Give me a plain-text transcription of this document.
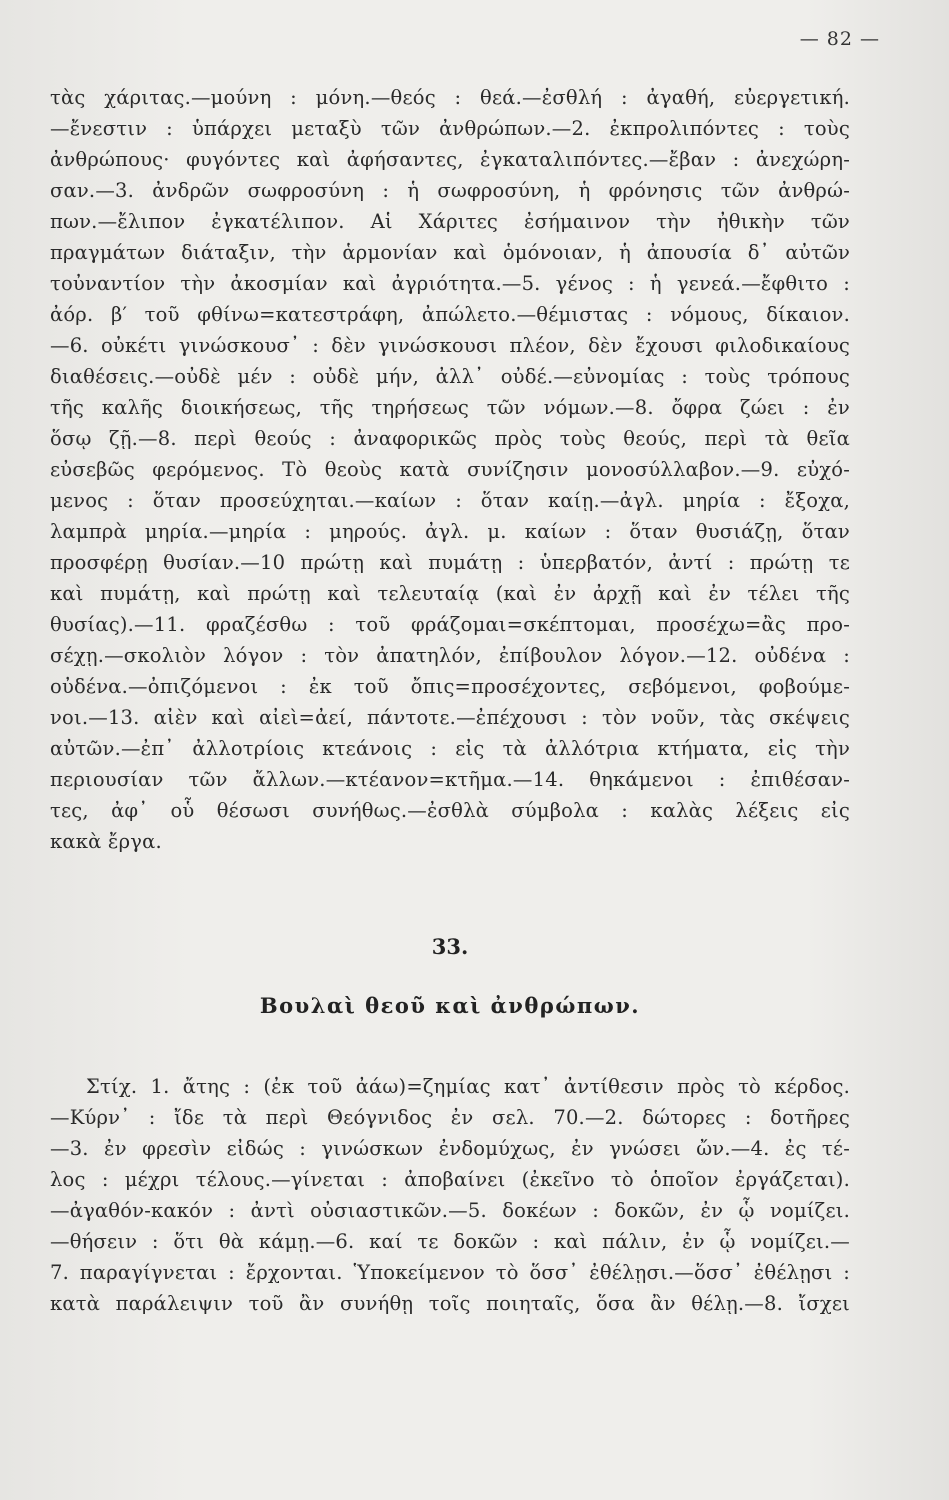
— 82 —
τὰς χάριτας.—μούνη : μόνη.—θεός : θεά.—ἐσθλή : ἀγαθή, εὐεργετική.
—ἔνεστιν : ὑπάρχει μεταξὺ τῶν ἀνθρώπων.—2. ἐκπρολιπόντες : τοὺς
ἀνθρώπους· φυγόντες καὶ ἀφήσαντες, ἐγκαταλιπόντες.—ἔβαν : ἀνεχώρη-
σαν.—3. ἀνδρῶν σωφροσύνη : ἡ σωφροσύνη, ἡ φρόνησις τῶν ἀνθρώ-
πων.—ἔλιπον ἐγκατέλιπον. Αἱ Χάριτες ἐσήμαινον τὴν ἠθικὴν τῶν
πραγμάτων διάταξιν, τὴν ἁρμονίαν καὶ ὁμόνοιαν, ἡ ἀπουσία δ᾽ αὐτῶν
τοὐναντίον τὴν ἀκοσμίαν καὶ ἀγριότητα.—5. γένος : ἡ γενεά.—ἔφθιτο :
ἀόρ. β′ τοῦ φθίνω=κατεστράφη, ἀπώλετο.—θέμιστας : νόμους, δίκαιον.
—6. οὐκέτι γινώσκουσ᾽ : δὲν γινώσκουσι πλέον, δὲν ἔχουσι φιλοδικαίους
διαθέσεις.—οὐδὲ μέν : οὐδὲ μήν, ἀλλ᾽ οὐδέ.—εὐνομίας : τοὺς τρόπους
τῆς καλῆς διοικήσεως, τῆς τηρήσεως τῶν νόμων.—8. ὄφρα ζώει : ἐν
ὅσῳ ζῇ.—8. περὶ θεούς : ἀναφορικῶς πρὸς τοὺς θεούς, περὶ τὰ θεῖα
εὐσεβῶς φερόμενος. Τὸ θεοὺς κατὰ συνίζησιν μονοσύλλαβον.—9. εὐχό-
μενος : ὅταν προσεύχηται.—καίων : ὅταν καίῃ.—ἀγλ. μηρία : ἔξοχα,
λαμπρὰ μηρία.—μηρία : μηρούς. ἀγλ. μ. καίων : ὅταν θυσιάζῃ, ὅταν
προσφέρῃ θυσίαν.—10 πρώτῃ καὶ πυμάτῃ : ὑπερβατόν, ἀντί : πρώτῃ τε
καὶ πυμάτῃ, καὶ πρώτῃ καὶ τελευταίᾳ (καὶ ἐν ἀρχῇ καὶ ἐν τέλει τῆς
θυσίας).—11. φραζέσθω : τοῦ φράζομαι=σκέπτομαι, προσέχω=ἂς προ-
σέχῃ.—σκολιὸν λόγον : τὸν ἀπατηλόν, ἐπίβουλον λόγον.—12. οὐδένα :
οὐδένα.—ὀπιζόμενοι : ἐκ τοῦ ὄπις=προσέχοντες, σεβόμενοι, φοβούμε-
νοι.—13. αἰὲν καὶ αἰεὶ=ἀεί, πάντοτε.—ἐπέχουσι : τὸν νοῦν, τὰς σκέψεις
αὐτῶν.—ἐπ᾽ ἀλλοτρίοις κτεάνοις : εἰς τὰ ἀλλότρια κτήματα, εἰς τὴν
περιουσίαν τῶν ἄλλων.—κτέανον=κτῆμα.—14. θηκάμενοι : ἐπιθέσαν-
τες, ἀφ᾽ οὗ θέσωσι συνήθως.—ἐσθλὰ σύμβολα : καλὰς λέξεις εἰς
κακὰ ἔργα.
33.
Βουλαὶ θεοῦ καὶ ἀνθρώπων.
Στίχ. 1. ἄτης : (ἐκ τοῦ ἀάω)=ζημίας κατ᾽ ἀντίθεσιν πρὸς τὸ κέρδος.
—Κύρν᾽ : ἴδε τὰ περὶ Θεόγνιδος ἐν σελ. 70.—2. δώτορες : δοτῆρες
—3. ἐν φρεσὶν εἰδώς : γινώσκων ἐνδομύχως, ἐν γνώσει ὤν.—4. ἐς τέ-
λος : μέχρι τέλους.—γίνεται : ἀποβαίνει (ἐκεῖνο τὸ ὁποῖον ἐργάζεται).
—ἀγαθόν-κακόν : ἀντὶ οὐσιαστικῶν.—5. δοκέων : δοκῶν, ἐν ᾧ νομίζει.
—θήσειν : ὅτι θὰ κάμῃ.—6. καί τε δοκῶν : καὶ πάλιν, ἐν ᾧ νομίζει.—
7. παραγίγνεται : ἔρχονται. Ὑποκείμενον τὸ ὅσσ᾽ ἐθέλῃσι.—ὅσσ᾽ ἐθέλῃσι :
κατὰ παράλειψιν τοῦ ἂν συνήθῃ τοῖς ποιηταῖς, ὅσα ἂν θέλῃ.—8. ἴσχει
